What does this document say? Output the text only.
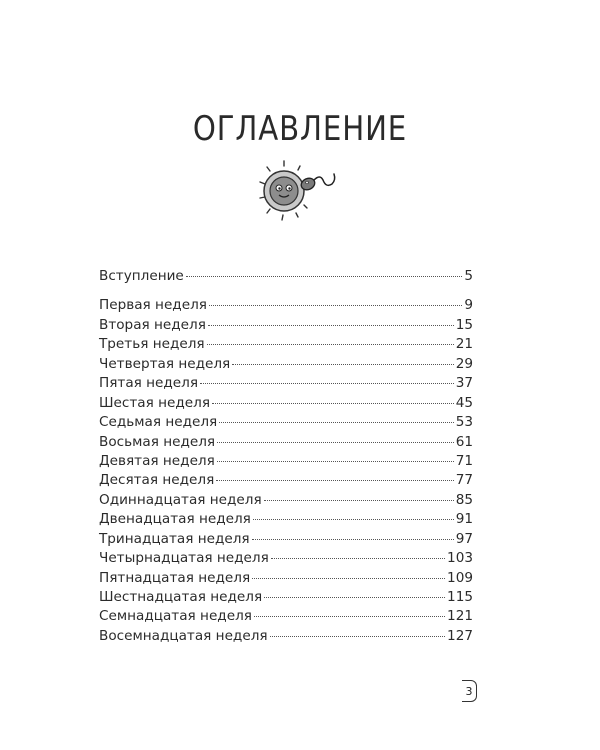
ОГЛАВЛЕНИЕ
Вступление	5
Первая неделя	9
Вторая неделя	15
Третья неделя	21
Четвертая неделя	29
Пятая неделя	37
Шестая неделя	45
Седьмая неделя	53
Восьмая неделя	61
Девятая неделя	71
Десятая неделя	77
Одиннадцатая неделя	85
Двенадцатая неделя	91
Тринадцатая неделя	97
Четырнадцатая неделя	103
Пятнадцатая неделя	109
Шестнадцатая неделя	115
Семнадцатая неделя	121
Восемнадцатая неделя	127
3
